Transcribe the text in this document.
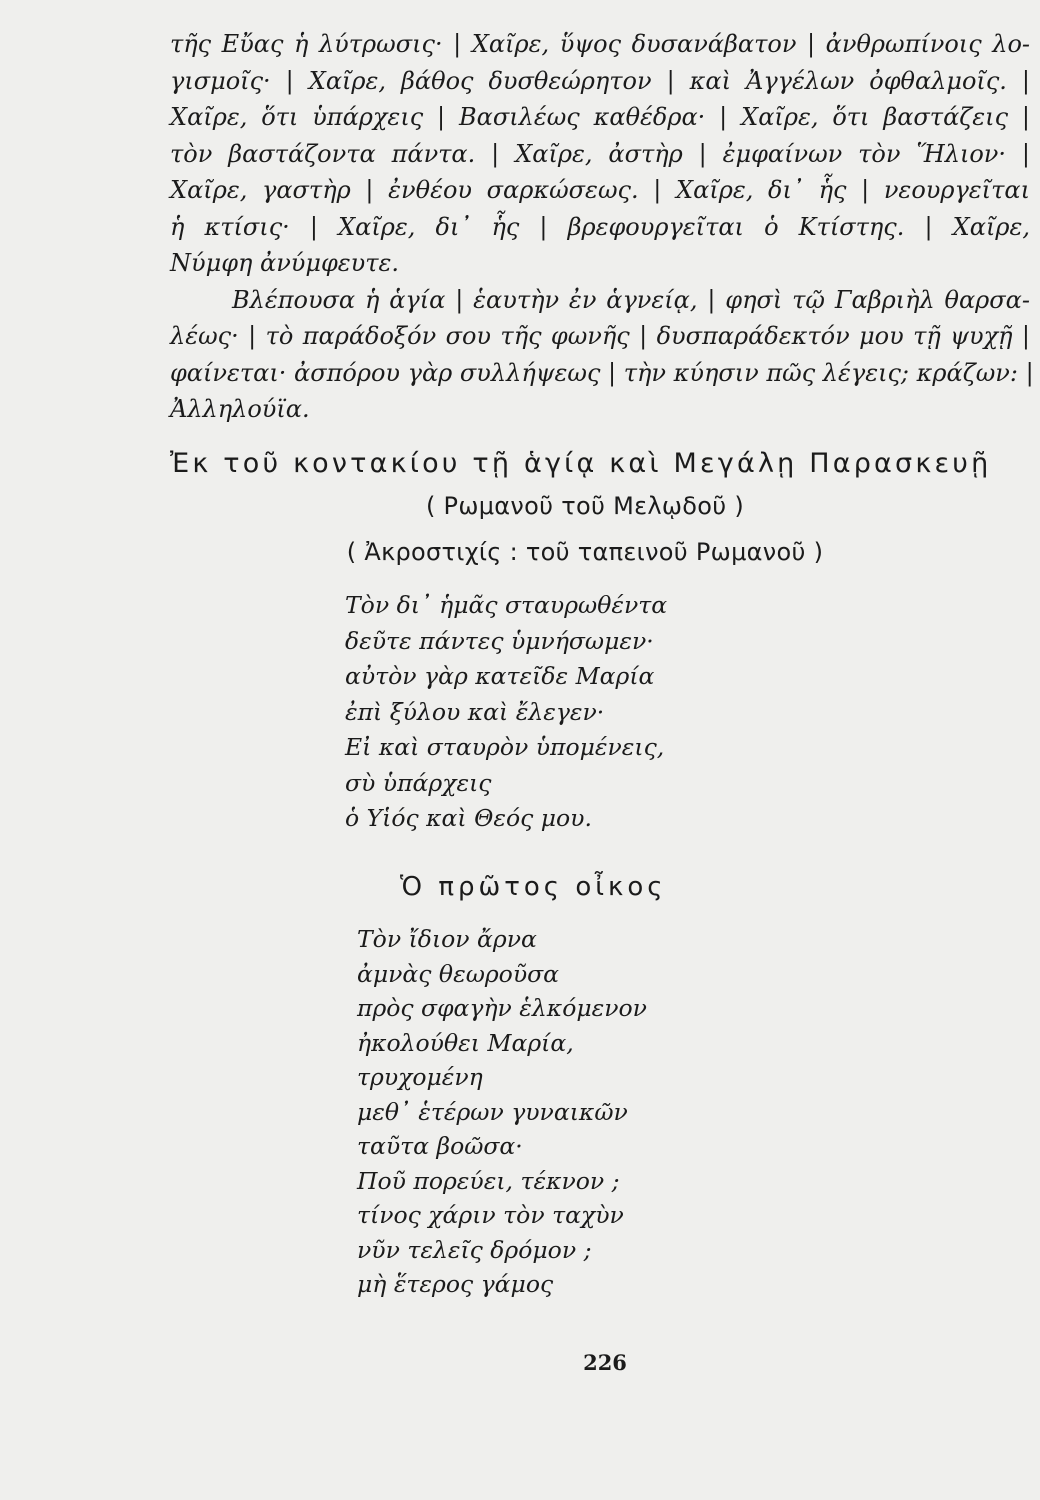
τῆς Εὔας ἡ λύτρωσις· | Χαῖρε, ὕψος δυσανάβατον | ἀνθρωπίνοις λο-
γισμοῖς· | Χαῖρε, βάθος δυσθεώρητον | καὶ Ἀγγέλων ὀφθαλμοῖς. |
Χαῖρε, ὅτι ὑπάρχεις | Βασιλέως καθέδρα· | Χαῖρε, ὅτι βαστάζεις |
τὸν βαστάζοντα πάντα. | Χαῖρε, ἀστὴρ | ἐμφαίνων τὸν Ἥλιον· |
Χαῖρε, γαστὴρ | ἐνθέου σαρκώσεως. | Χαῖρε, δι᾽ ἧς | νεουργεῖται
ἡ κτίσις· | Χαῖρε, δι᾽ ἧς | βρεφουργεῖται ὁ Κτίστης. | Χαῖρε,
Νύμφη ἀνύμφευτε.
Βλέπουσα ἡ ἁγία | ἑαυτὴν ἐν ἁγνείᾳ, | φησὶ τῷ Γαβριὴλ θαρσα-
λέως· | τὸ παράδοξόν σου τῆς φωνῆς | δυσπαράδεκτόν μου τῇ ψυχῇ |
φαίνεται· ἀσπόρου γὰρ συλλήψεως | τὴν κύησιν πῶς λέγεις; κράζων: |
Ἀλληλούϊα.
Ἐκ τοῦ κοντακίου τῇ ἁγίᾳ καὶ Μεγάλῃ Παρασκευῇ
( Ρωμανοῦ τοῦ Μελῳδοῦ )
( Ἀκροστιχίς : τοῦ ταπεινοῦ Ρωμανοῦ )
Τὸν δι᾽ ἡμᾶς σταυρωθέντα
δεῦτε πάντες ὑμνήσωμεν·
αὐτὸν γὰρ κατεῖδε Μαρία
ἐπὶ ξύλου καὶ ἔλεγεν·
Εἰ καὶ σταυρὸν ὑπομένεις,
σὺ ὑπάρχεις
ὁ Υἱός καὶ Θεός μου.
Ὁ πρῶτος οἶκος
Τὸν ἴδιον ἄρνα
ἀμνὰς θεωροῦσα
πρὸς σφαγὴν ἑλκόμενον
ἠκολούθει Μαρία,
τρυχομένη
μεθ᾽ ἑτέρων γυναικῶν
ταῦτα βοῶσα·
Ποῦ πορεύει, τέκνον ;
τίνος χάριν τὸν ταχὺν
νῦν τελεῖς δρόμον ;
μὴ ἕτερος γάμος
226
